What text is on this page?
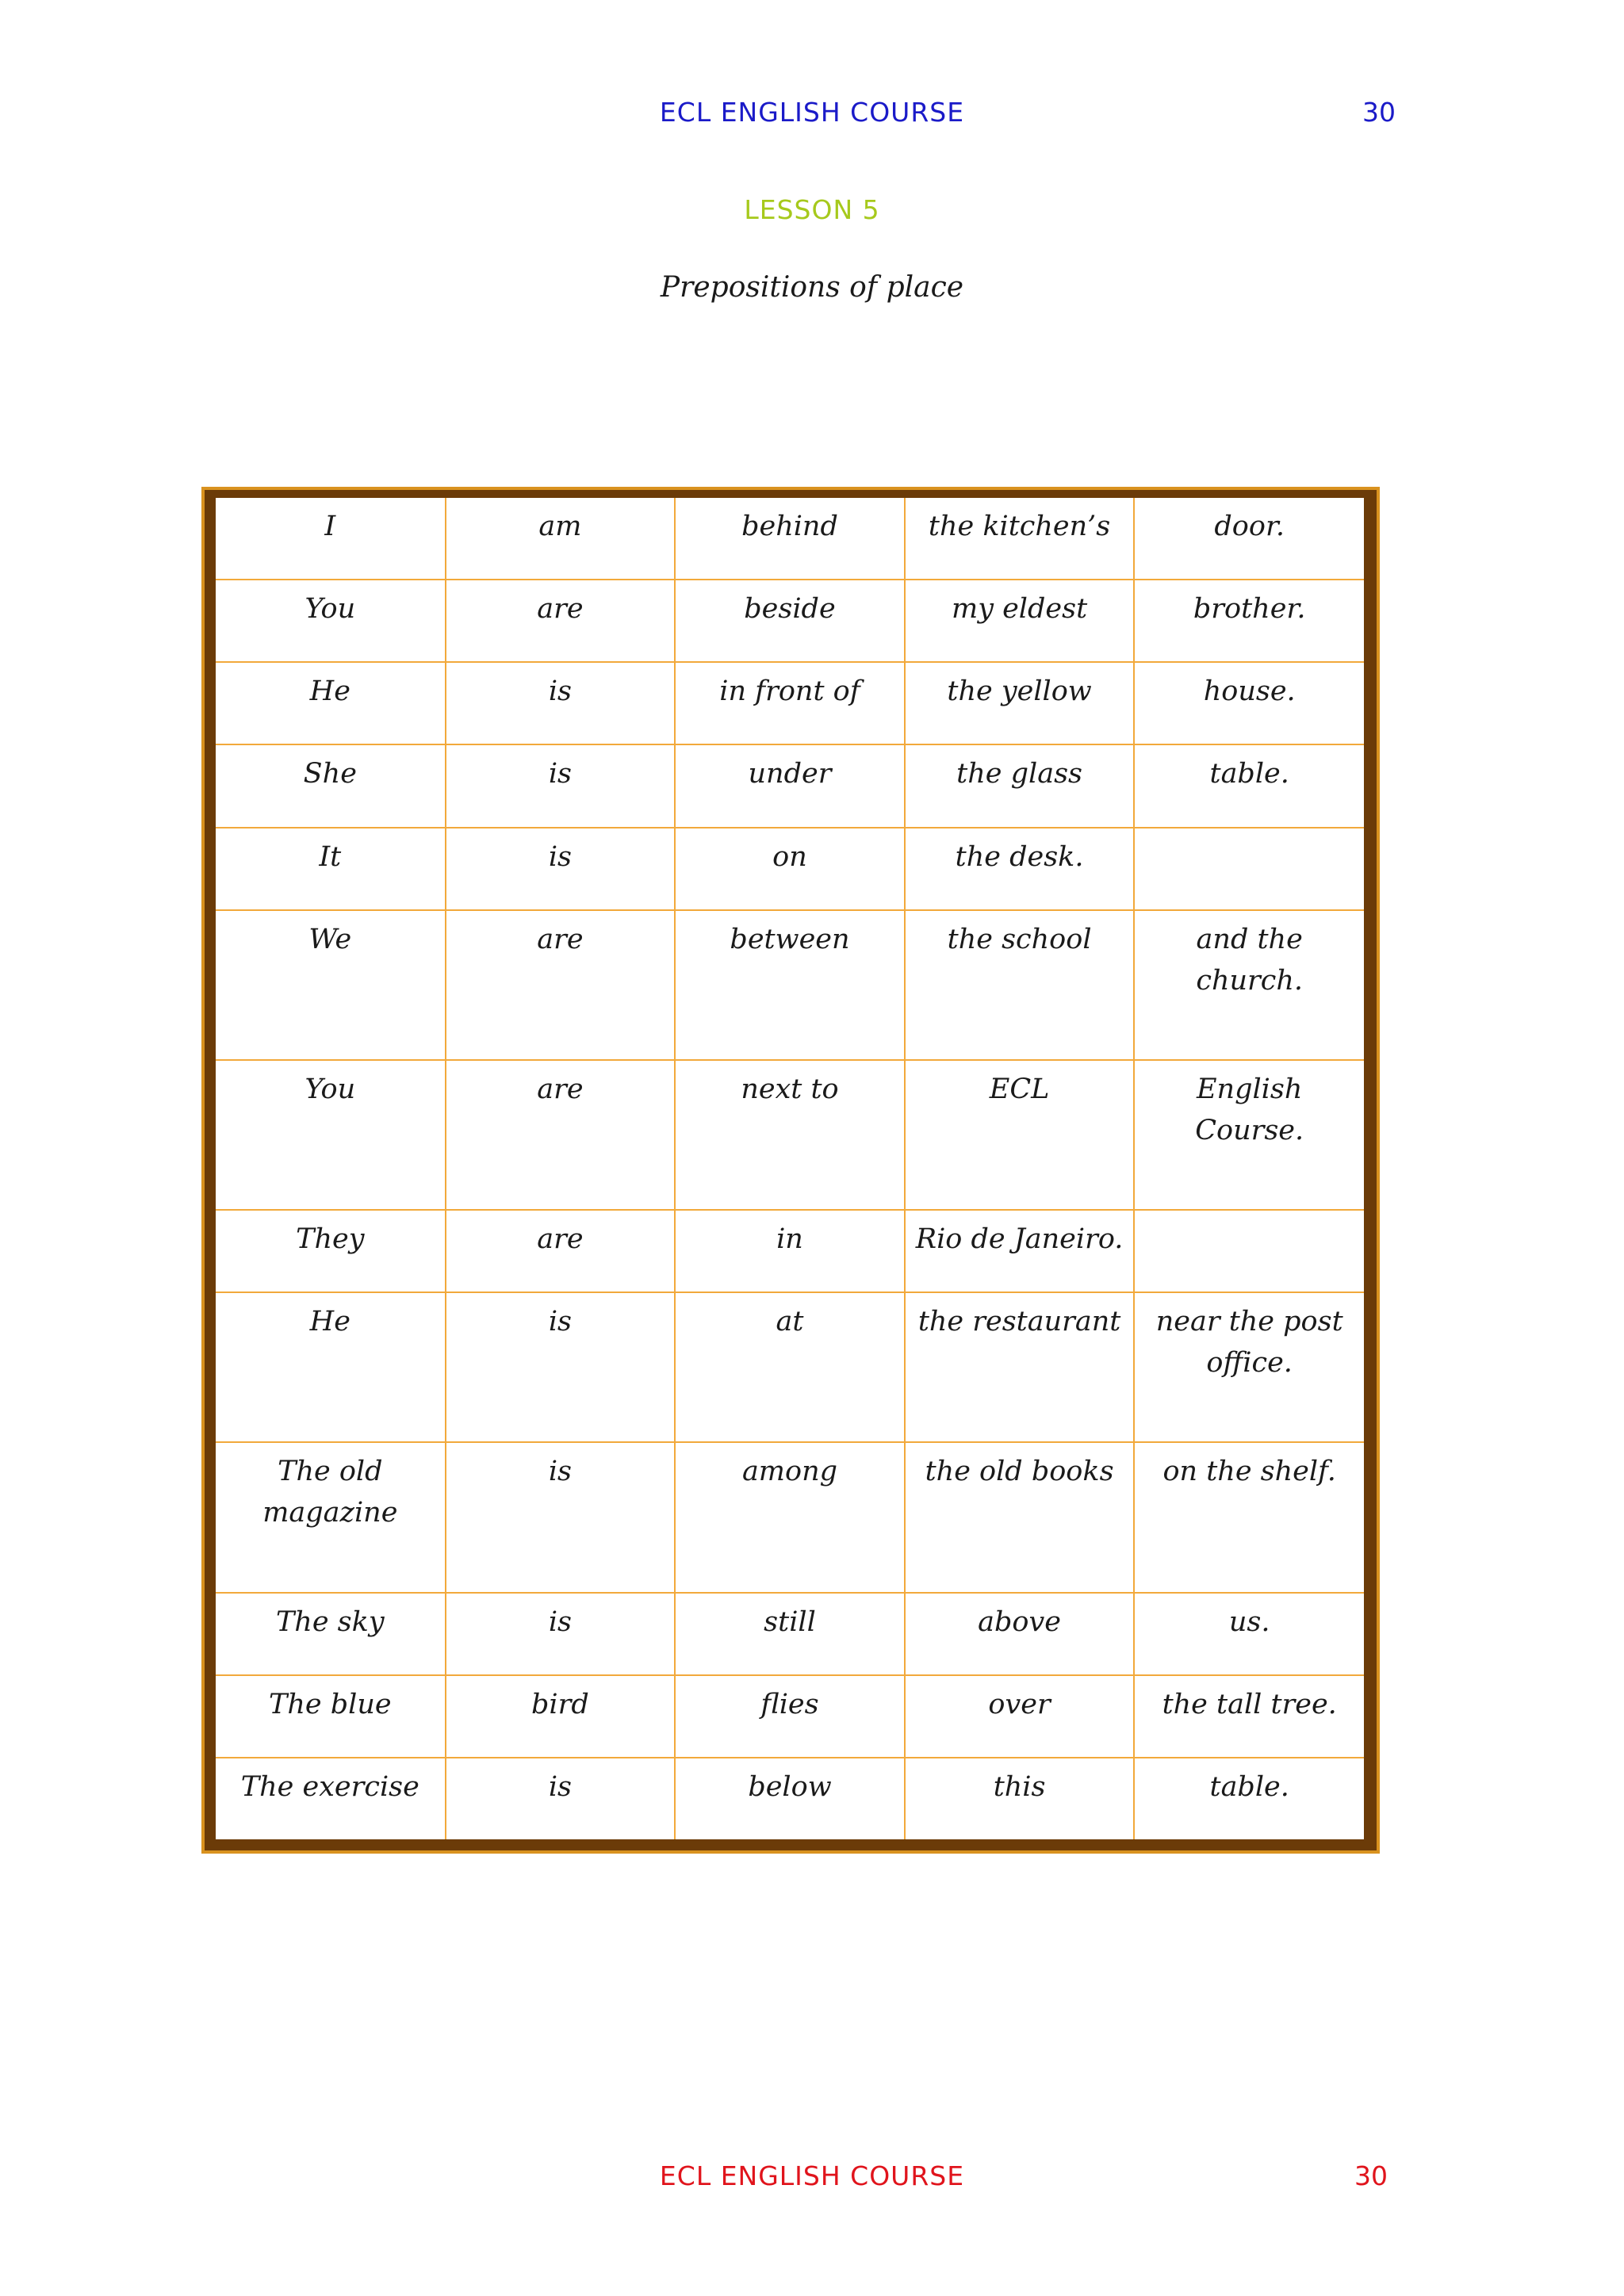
ECL ENGLISH COURSE	30
LESSON 5
Prepositions of place
I	am	behind	the kitchen’s	door.
You	are	beside	my eldest	brother.
He	is	in front of	the yellow	house.
She	is	under	the glass	table.
It	is	on	the desk.	
We	are	between	the school	and the church.
You	are	next to	ECL	English Course.
They	are	in	Rio de Janeiro.	
He	is	at	the restaurant	near the post office.
The old magazine	is	among	the old books	on the shelf.
The sky	is	still	above	us.
The blue	bird	flies	over	the tall tree.
The exercise	is	below	this	table.
ECL ENGLISH COURSE	30
